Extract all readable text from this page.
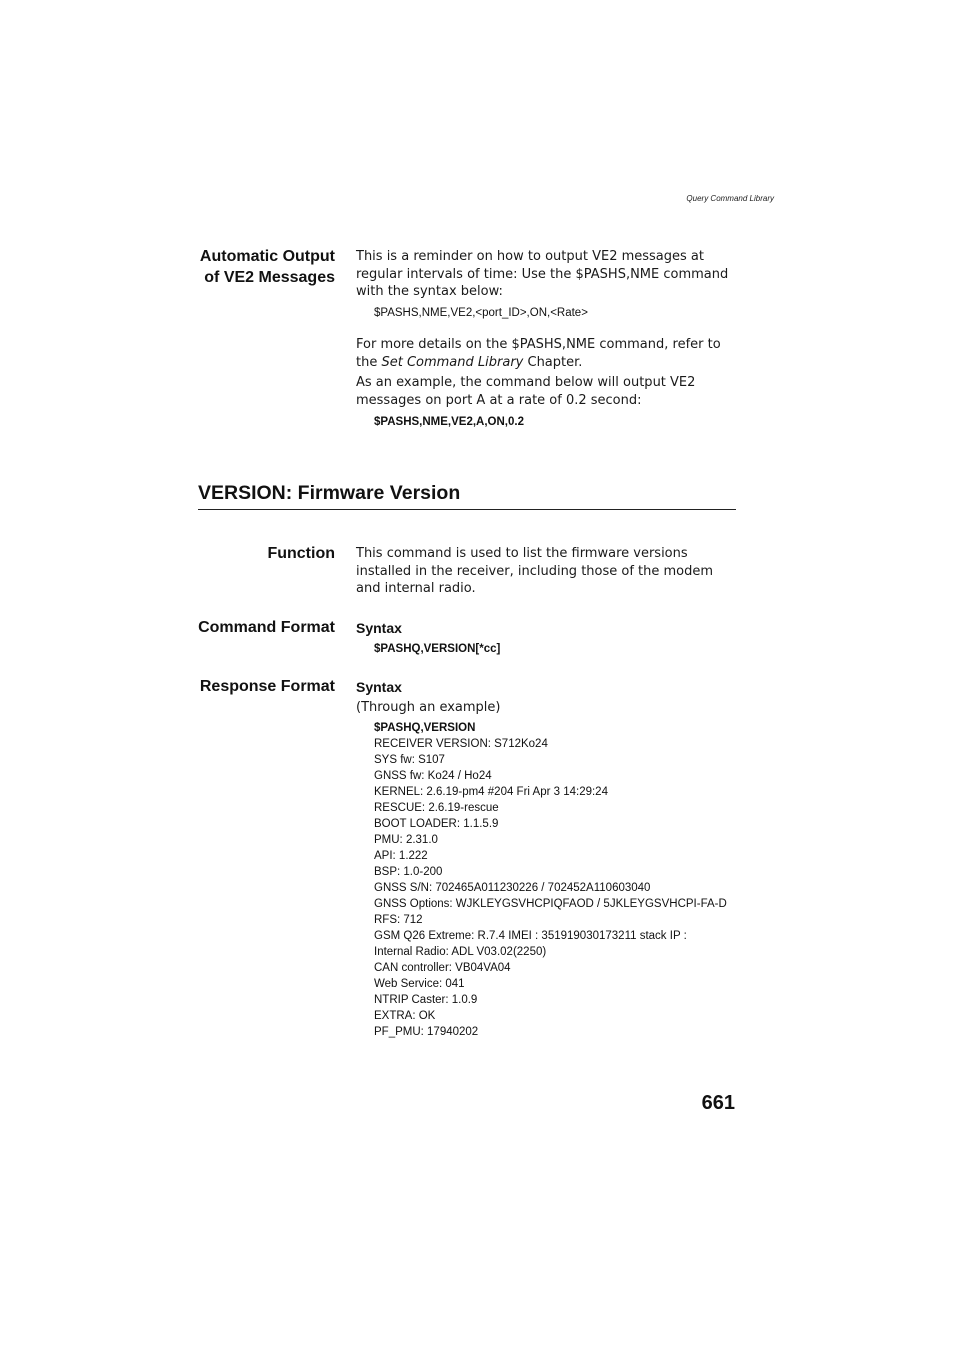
Query Command Library
Automatic Output
of VE2 Messages
This is a reminder on how to output VE2 messages at regular intervals of time: Use the $PASHS,NME command with the syntax below:
$PASHS,NME,VE2,<port_ID>,ON,<Rate>
For more details on the $PASHS,NME command, refer to the Set Command Library Chapter.
As an example, the command below will output VE2 messages on port A at a rate of 0.2 second:
$PASHS,NME,VE2,A,ON,0.2
VERSION: Firmware Version
Function This command is used to list the firmware versions installed in the receiver, including those of the modem and internal radio.
Command Format Syntax
$PASHQ,VERSION[*cc]
Response Format Syntax
(Through an example)
$PASHQ,VERSION
RECEIVER VERSION: S712Ko24
SYS fw: S107
GNSS fw: Ko24 / Ho24
KERNEL: 2.6.19-pm4 #204 Fri Apr 3 14:29:24
RESCUE: 2.6.19-rescue
BOOT LOADER: 1.1.5.9
PMU: 2.31.0
API: 1.222
BSP: 1.0-200
GNSS S/N: 702465A011230226 / 702452A110603040
GNSS Options: WJKLEYGSVHCPIQFAOD / 5JKLEYGSVHCPI-FA-D
RFS: 712
GSM Q26 Extreme: R.7.4 IMEI : 351919030173211 stack IP :
Internal Radio: ADL V03.02(2250)
CAN controller: VB04VA04
Web Service: 041
NTRIP Caster: 1.0.9
EXTRA: OK
PF_PMU: 17940202
661
